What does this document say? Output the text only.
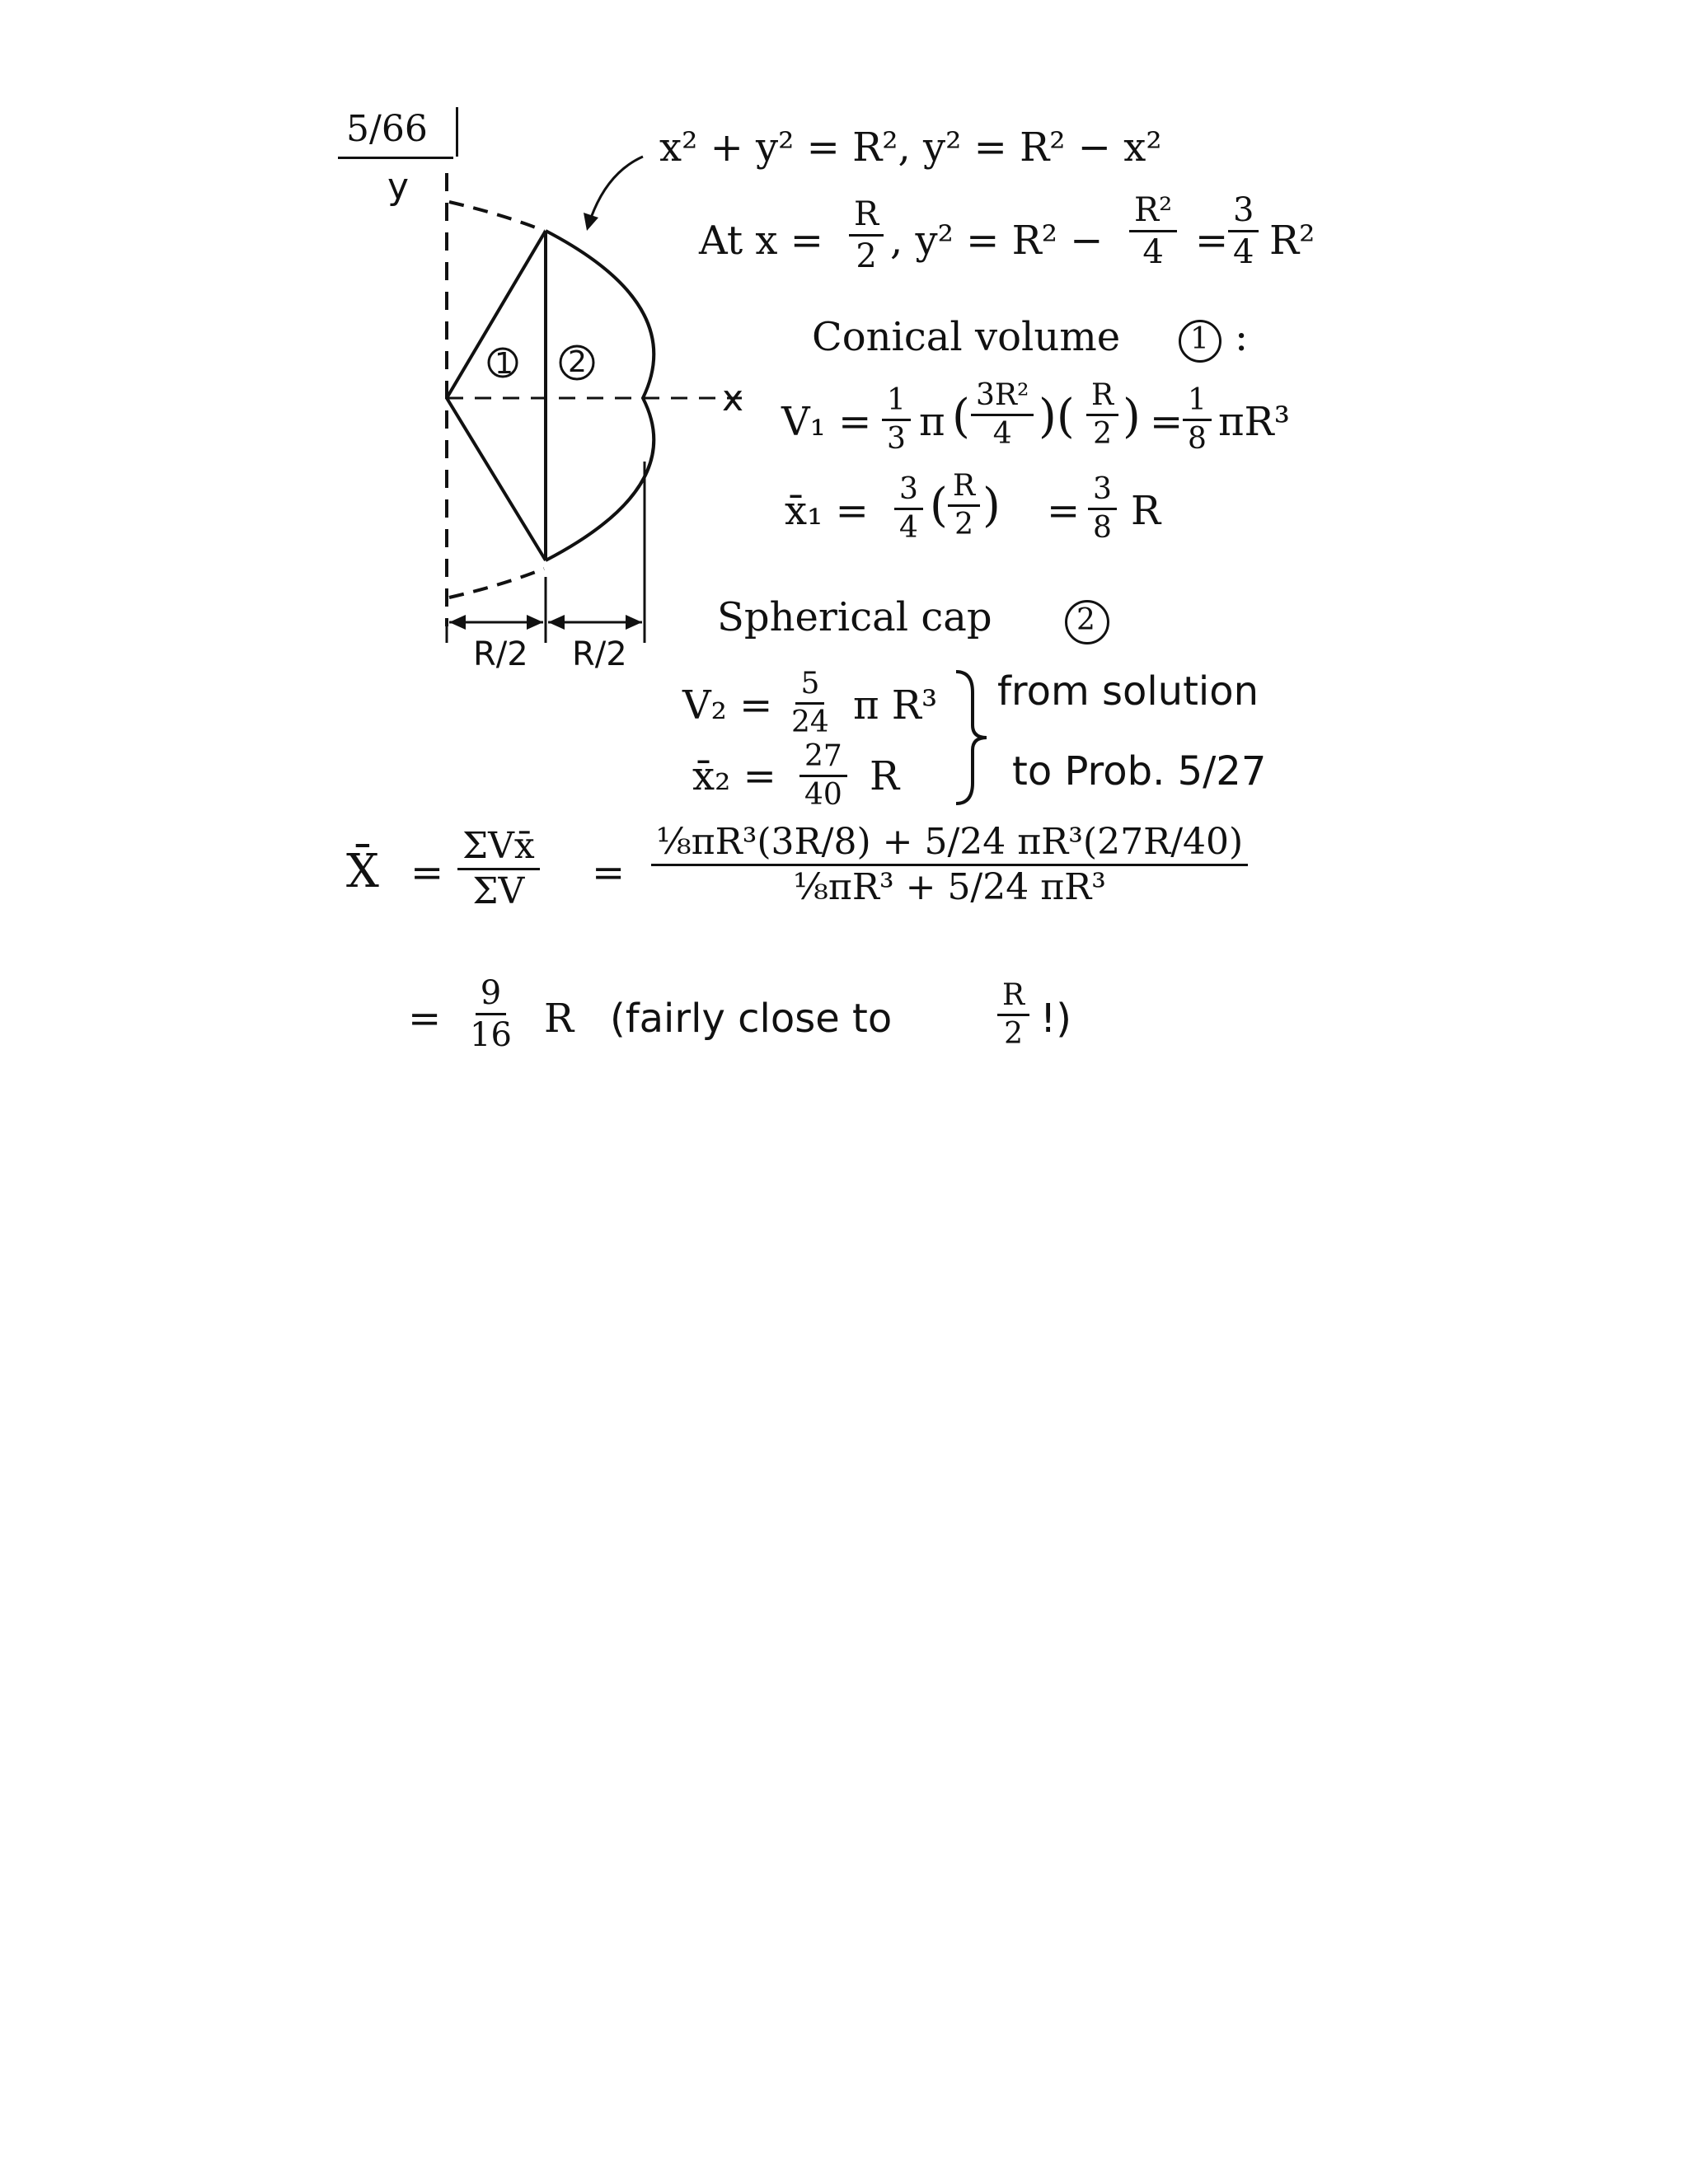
5/66
y
1 2
x
R/2 R/2
x² + y² = R², y² = R² − x²
At $x = \frac{R}{2}$ , $y^2 = R^2 - \frac{\text{R²}}{4} = \frac{3}{4} R^2$
Conical volume 1 :
$V_1 = \frac{1}{3}$ π ( $\frac{\text{3R²}}{4}$ )( $\frac{R}{2}$ ) = $\frac{1}{8} \pi R^3$
x̄₁ = $\frac{3}{4}$ ( $\frac{R}{2}$ ) = $\frac{3}{8}$ R
Spherical cap	2
$V_2 = \frac{5}{24}$ π R³
x̄₂ = $\frac{27}{40}$ R
from solution
to Prob. 5/27
X̄ =
ΣVx̄
$\Sigma V = \frac{\text{⅛πR³(3R/8) + 5/24 πR³(27R/40)}}{\text{⅛πR³ + 5/24 πR³}}$
= $\frac{9}{16}$ R (fairly close to	$\frac{R}{2}$ !)
